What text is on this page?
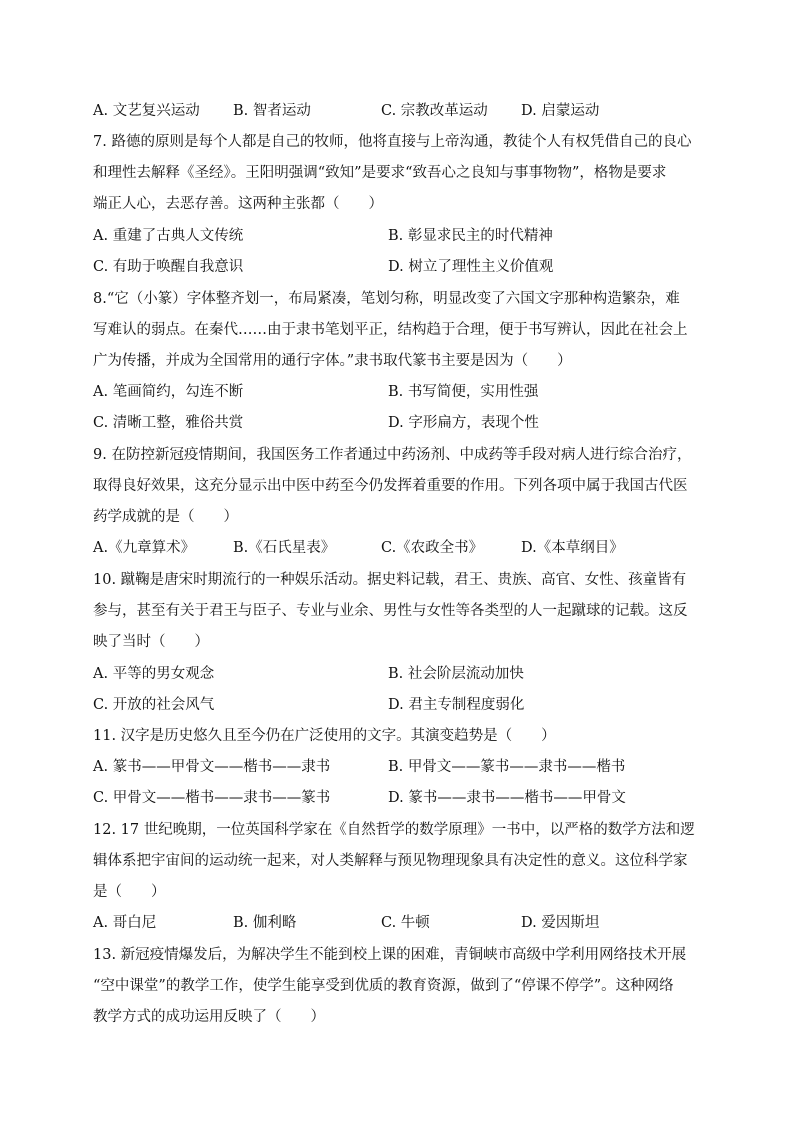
A. 文艺复兴运动 B. 智者运动	C. 宗教改革运动 D. 启蒙运动
7. 路德的原则是每个人都是自己的牧师，他将直接与上帝沟通，教徒个人有权凭借自己的良心
和理性去解释《圣经》。王阳明强调“致知”是要求“致吾心之良知与事事物物”，格物是要求
端正人心，去恶存善。这两种主张都（　　）
A. 重建了古典人文传统	B. 彰显求民主的时代精神
C. 有助于唤醒自我意识	D. 树立了理性主义价值观
8.“它（小篆）字体整齐划一，布局紧凑，笔划匀称，明显改变了六国文字那种构造繁杂，难
写难认的弱点。在秦代……由于隶书笔划平正，结构趋于合理，便于书写辨认，因此在社会上
广为传播，并成为全国常用的通行字体。”隶书取代篆书主要是因为（　　）
A. 笔画简约，勾连不断	B. 书写简便，实用性强
C. 清晰工整，雅俗共赏	D. 字形扁方，表现个性
9. 在防控新冠疫情期间，我国医务工作者通过中药汤剂、中成药等手段对病人进行综合治疗，
取得良好效果，这充分显示出中医中药至今仍发挥着重要的作用。下列各项中属于我国古代医
药学成就的是（　　）
A.《九章算术》	B.《石氏星表》	C.《农政全书》	D.《本草纲目》
10. 蹴鞠是唐宋时期流行的一种娱乐活动。据史料记载，君王、贵族、高官、女性、孩童皆有
参与，甚至有关于君王与臣子、专业与业余、男性与女性等各类型的人一起蹴球的记载。这反
映了当时（　　）
A. 平等的男女观念	B. 社会阶层流动加快
C. 开放的社会风气	D. 君主专制程度弱化
11. 汉字是历史悠久且至今仍在广泛使用的文字。其演变趋势是（　　）
A. 篆书——甲骨文——楷书——隶书	B. 甲骨文——篆书——隶书——楷书
C. 甲骨文——楷书——隶书——篆书	D. 篆书——隶书——楷书——甲骨文
12. 17 世纪晚期，一位英国科学家在《自然哲学的数学原理》一书中，以严格的数学方法和逻
辑体系把宇宙间的运动统一起来，对人类解释与预见物理现象具有决定性的意义。这位科学家
是（　　）
A. 哥白尼	B. 伽利略	C. 牛顿	D. 爱因斯坦
13. 新冠疫情爆发后，为解决学生不能到校上课的困难，青铜峡市高级中学利用网络技术开展
“空中课堂”的教学工作，使学生能享受到优质的教育资源，做到了“停课不停学”。这种网络
教学方式的成功运用反映了（　　）
